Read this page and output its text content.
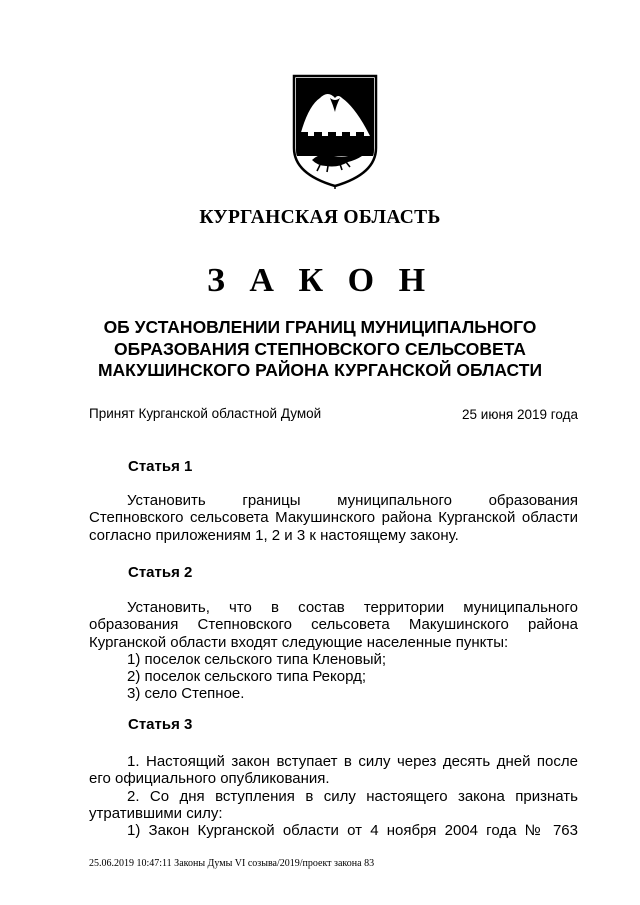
КУРГАНСКАЯ ОБЛАСТЬ
З А К О Н
ОБ УСТАНОВЛЕНИИ ГРАНИЦ МУНИЦИПАЛЬНОГО
ОБРАЗОВАНИЯ СТЕПНОВСКОГО СЕЛЬСОВЕТА
МАКУШИНСКОГО РАЙОНА КУРГАНСКОЙ ОБЛАСТИ
Принят Курганской областной Думой	25 июня 2019 года
Статья 1

Установить границы муниципального образования

Степновского сельсовета Макушинского района Курганской области

согласно приложениям 1, 2 и 3 к настоящему закону.

Статья 2

Установить, что в состав территории муниципального

образования Степновского сельсовета Макушинского района

Курганской области входят следующие населенные пункты:

1) поселок сельского типа Кленовый;

2) поселок сельского типа Рекорд;

3) село Степное.

Статья 3

1. Настоящий закон вступает в силу через десять дней после

его официального опубликования.

2. Со дня вступления в силу настоящего закона признать

утратившими силу:

1) Закон Курганской области от 4 ноября 2004 года № 763

25.06.2019 10:47:11 Законы Думы VI созыва/2019/проект закона 83
